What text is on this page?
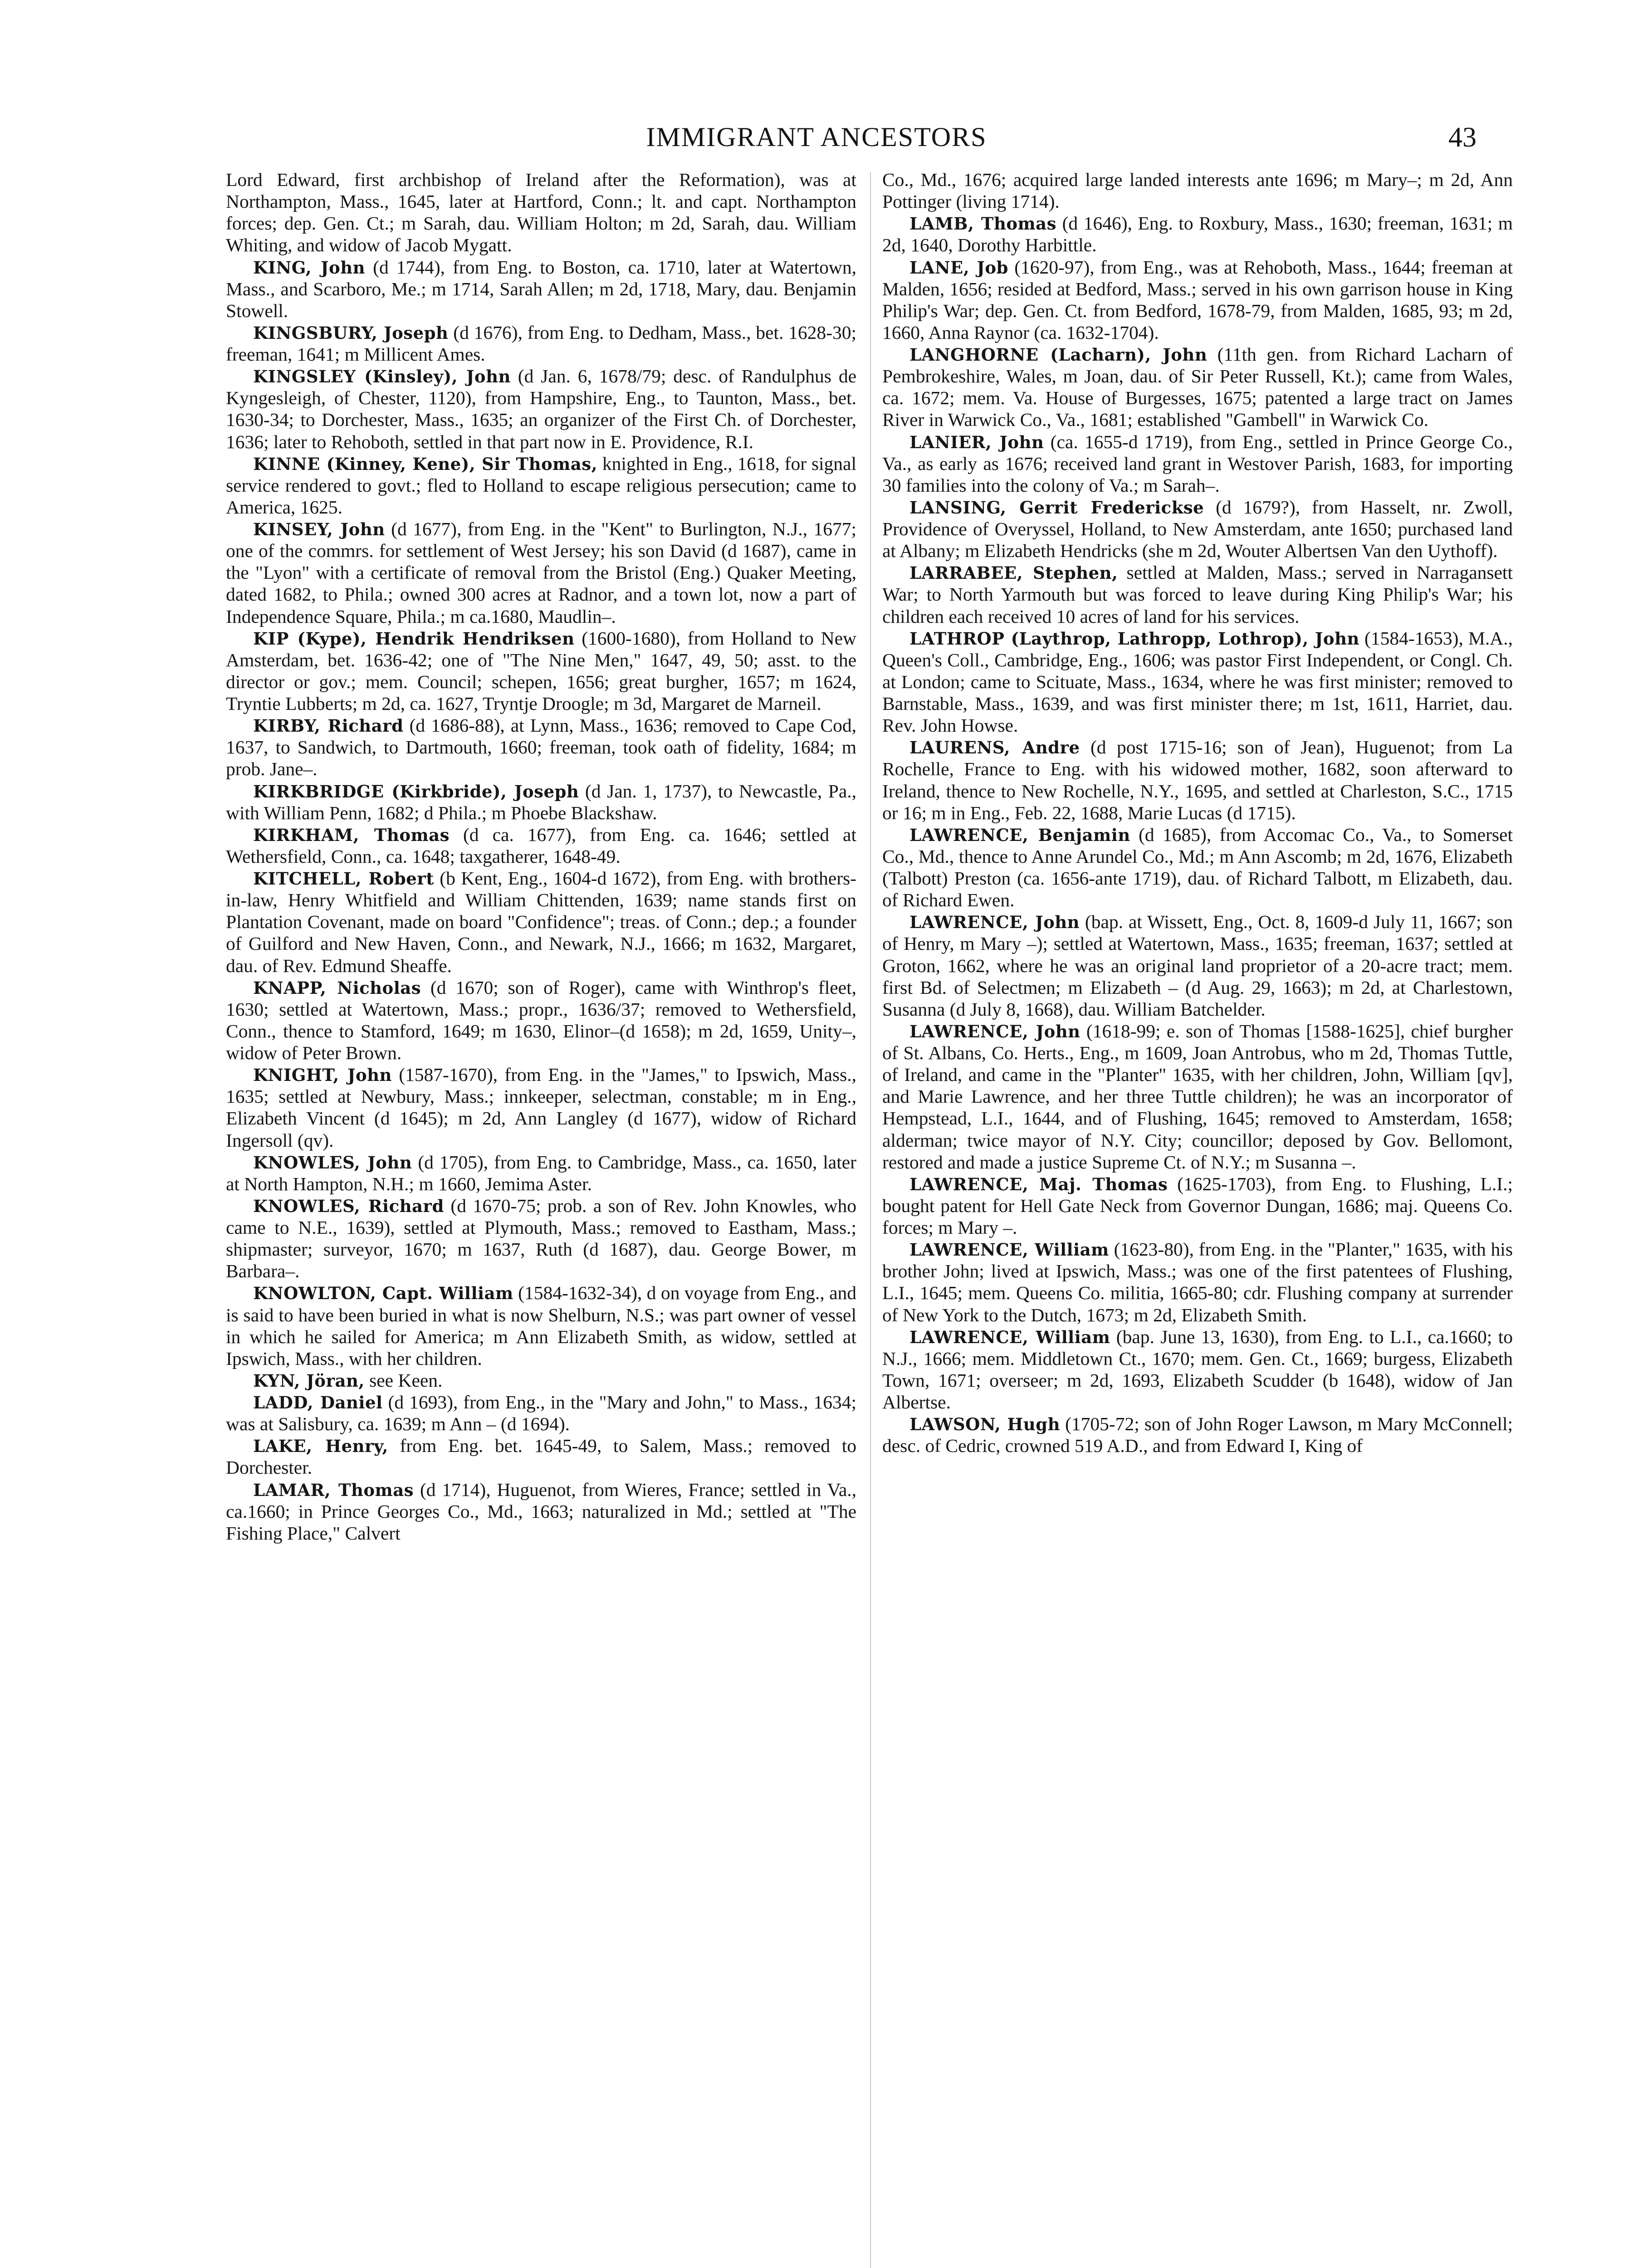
IMMIGRANT ANCESTORS	43

Lord Edward, first archbishop of Ireland after the Reformation), was at Northampton, Mass., 1645, later at Hartford, Conn.; lt. and capt. Northampton forces; dep. Gen. Ct.; m Sarah, dau. William Holton; m 2d, Sarah, dau. William Whiting, and widow of Jacob Mygatt.

KING, John (d 1744), from Eng. to Boston, ca. 1710, later at Watertown, Mass., and Scarboro, Me.; m 1714, Sarah Allen; m 2d, 1718, Mary, dau. Benjamin Stowell.

KINGSBURY, Joseph (d 1676), from Eng. to Dedham, Mass., bet. 1628-30; freeman, 1641; m Millicent Ames.

KINGSLEY (Kinsley), John (d Jan. 6, 1678/79; desc. of Randulphus de Kyngesleigh, of Chester, 1120), from Hampshire, Eng., to Taunton, Mass., bet. 1630-34; to Dorchester, Mass., 1635; an organizer of the First Ch. of Dorchester, 1636; later to Rehoboth, settled in that part now in E. Providence, R.I.

KINNE (Kinney, Kene), Sir Thomas, knighted in Eng., 1618, for signal service rendered to govt.; fled to Holland to escape religious persecution; came to America, 1625.

KINSEY, John (d 1677), from Eng. in the "Kent" to Burlington, N.J., 1677; one of the commrs. for settlement of West Jersey; his son David (d 1687), came in the "Lyon" with a certificate of removal from the Bristol (Eng.) Quaker Meeting, dated 1682, to Phila.; owned 300 acres at Radnor, and a town lot, now a part of Independence Square, Phila.; m ca.1680, Maudlin–.

KIP (Kype), Hendrik Hendriksen (1600-1680), from Holland to New Amsterdam, bet. 1636-42; one of "The Nine Men," 1647, 49, 50; asst. to the director or gov.; mem. Council; schepen, 1656; great burgher, 1657; m 1624, Tryntie Lubberts; m 2d, ca. 1627, Tryntje Droogle; m 3d, Margaret de Marneil.

KIRBY, Richard (d 1686-88), at Lynn, Mass., 1636; removed to Cape Cod, 1637, to Sandwich, to Dartmouth, 1660; freeman, took oath of fidelity, 1684; m prob. Jane–.

KIRKBRIDGE (Kirkbride), Joseph (d Jan. 1, 1737), to Newcastle, Pa., with William Penn, 1682; d Phila.; m Phoebe Blackshaw.

KIRKHAM, Thomas (d ca. 1677), from Eng. ca. 1646; settled at Wethersfield, Conn., ca. 1648; taxgatherer, 1648-49.

KITCHELL, Robert (b Kent, Eng., 1604-d 1672), from Eng. with brothers-in-law, Henry Whitfield and William Chittenden, 1639; name stands first on Plantation Covenant, made on board "Confidence"; treas. of Conn.; dep.; a founder of Guilford and New Haven, Conn., and Newark, N.J., 1666; m 1632, Margaret, dau. of Rev. Edmund Sheaffe.

KNAPP, Nicholas (d 1670; son of Roger), came with Winthrop's fleet, 1630; settled at Watertown, Mass.; propr., 1636/37; removed to Wethersfield, Conn., thence to Stamford, 1649; m 1630, Elinor–(d 1658); m 2d, 1659, Unity–, widow of Peter Brown.

KNIGHT, John (1587-1670), from Eng. in the "James," to Ipswich, Mass., 1635; settled at Newbury, Mass.; innkeeper, selectman, constable; m in Eng., Elizabeth Vincent (d 1645); m 2d, Ann Langley (d 1677), widow of Richard Ingersoll (qv).

KNOWLES, John (d 1705), from Eng. to Cambridge, Mass., ca. 1650, later at North Hampton, N.H.; m 1660, Jemima Aster.

KNOWLES, Richard (d 1670-75; prob. a son of Rev. John Knowles, who came to N.E., 1639), settled at Plymouth, Mass.; removed to Eastham, Mass.; shipmaster; surveyor, 1670; m 1637, Ruth (d 1687), dau. George Bower, m Barbara–.

KNOWLTON, Capt. William (1584-1632-34), d on voyage from Eng., and is said to have been buried in what is now Shelburn, N.S.; was part owner of vessel in which he sailed for America; m Ann Elizabeth Smith, as widow, settled at Ipswich, Mass., with her children.

KYN, Jöran, see Keen.

LADD, Daniel (d 1693), from Eng., in the "Mary and John," to Mass., 1634; was at Salisbury, ca. 1639; m Ann – (d 1694).

LAKE, Henry, from Eng. bet. 1645-49, to Salem, Mass.; removed to Dorchester.

LAMAR, Thomas (d 1714), Huguenot, from Wieres, France; settled in Va., ca.1660; in Prince Georges Co., Md., 1663; naturalized in Md.; settled at "The Fishing Place," Calvert

Co., Md., 1676; acquired large landed interests ante 1696; m Mary–; m 2d, Ann Pottinger (living 1714).

LAMB, Thomas (d 1646), Eng. to Roxbury, Mass., 1630; freeman, 1631; m 2d, 1640, Dorothy Harbittle.

LANE, Job (1620-97), from Eng., was at Rehoboth, Mass., 1644; freeman at Malden, 1656; resided at Bedford, Mass.; served in his own garrison house in King Philip's War; dep. Gen. Ct. from Bedford, 1678-79, from Malden, 1685, 93; m 2d, 1660, Anna Raynor (ca. 1632-1704).

LANGHORNE (Lacharn), John (11th gen. from Richard Lacharn of Pembrokeshire, Wales, m Joan, dau. of Sir Peter Russell, Kt.); came from Wales, ca. 1672; mem. Va. House of Burgesses, 1675; patented a large tract on James River in Warwick Co., Va., 1681; established "Gambell" in Warwick Co.

LANIER, John (ca. 1655-d 1719), from Eng., settled in Prince George Co., Va., as early as 1676; received land grant in Westover Parish, 1683, for importing 30 families into the colony of Va.; m Sarah–.

LANSING, Gerrit Fredericksе (d 1679?), from Hasselt, nr. Zwoll, Providence of Overyssel, Holland, to New Amsterdam, ante 1650; purchased land at Albany; m Elizabeth Hendricks (she m 2d, Wouter Albertsen Van den Uythoff).

LARRABEE, Stephen, settled at Malden, Mass.; served in Narragansett War; to North Yarmouth but was forced to leave during King Philip's War; his children each received 10 acres of land for his services.

LATHROP (Laythrop, Lathropp, Lothrop), John (1584-1653), M.A., Queen's Coll., Cambridge, Eng., 1606; was pastor First Independent, or Congl. Ch. at London; came to Scituate, Mass., 1634, where he was first minister; removed to Barnstable, Mass., 1639, and was first minister there; m 1st, 1611, Harriet, dau. Rev. John Howse.

LAURENS, Andre (d post 1715-16; son of Jean), Huguenot; from La Rochelle, France to Eng. with his widowed mother, 1682, soon afterward to Ireland, thence to New Rochelle, N.Y., 1695, and settled at Charleston, S.C., 1715 or 16; m in Eng., Feb. 22, 1688, Marie Lucas (d 1715).

LAWRENCE, Benjamin (d 1685), from Accomac Co., Va., to Somerset Co., Md., thence to Anne Arundel Co., Md.; m Ann Ascomb; m 2d, 1676, Elizabeth (Talbott) Preston (ca. 1656-ante 1719), dau. of Richard Talbott, m Elizabeth, dau. of Richard Ewen.

LAWRENCE, John (bap. at Wissett, Eng., Oct. 8, 1609-d July 11, 1667; son of Henry, m Mary –); settled at Watertown, Mass., 1635; freeman, 1637; settled at Groton, 1662, where he was an original land proprietor of a 20-acre tract; mem. first Bd. of Selectmen; m Elizabeth – (d Aug. 29, 1663); m 2d, at Charlestown, Susanna (d July 8, 1668), dau. William Batchelder.

LAWRENCE, John (1618-99; e. son of Thomas [1588-1625], chief burgher of St. Albans, Co. Herts., Eng., m 1609, Joan Antrobus, who m 2d, Thomas Tuttle, of Ireland, and came in the "Planter" 1635, with her children, John, William [qv], and Marie Lawrence, and her three Tuttle children); he was an incorporator of Hempstead, L.I., 1644, and of Flushing, 1645; removed to Amsterdam, 1658; alderman; twice mayor of N.Y. City; councillor; deposed by Gov. Bellomont, restored and made a justice Supreme Ct. of N.Y.; m Susanna –.

LAWRENCE, Maj. Thomas (1625-1703), from Eng. to Flushing, L.I.; bought patent for Hell Gate Neck from Governor Dungan, 1686; maj. Queens Co. forces; m Mary –.

LAWRENCE, William (1623-80), from Eng. in the "Planter," 1635, with his brother John; lived at Ipswich, Mass.; was one of the first patentees of Flushing, L.I., 1645; mem. Queens Co. militia, 1665-80; cdr. Flushing company at surrender of New York to the Dutch, 1673; m 2d, Elizabeth Smith.

LAWRENCE, William (bap. June 13, 1630), from Eng. to L.I., ca.1660; to N.J., 1666; mem. Middletown Ct., 1670; mem. Gen. Ct., 1669; burgess, Elizabeth Town, 1671; overseer; m 2d, 1693, Elizabeth Scudder (b 1648), widow of Jan Albertse.

LAWSON, Hugh (1705-72; son of John Roger Lawson, m Mary McConnell; desc. of Cedric, crowned 519 A.D., and from Edward I, King of
